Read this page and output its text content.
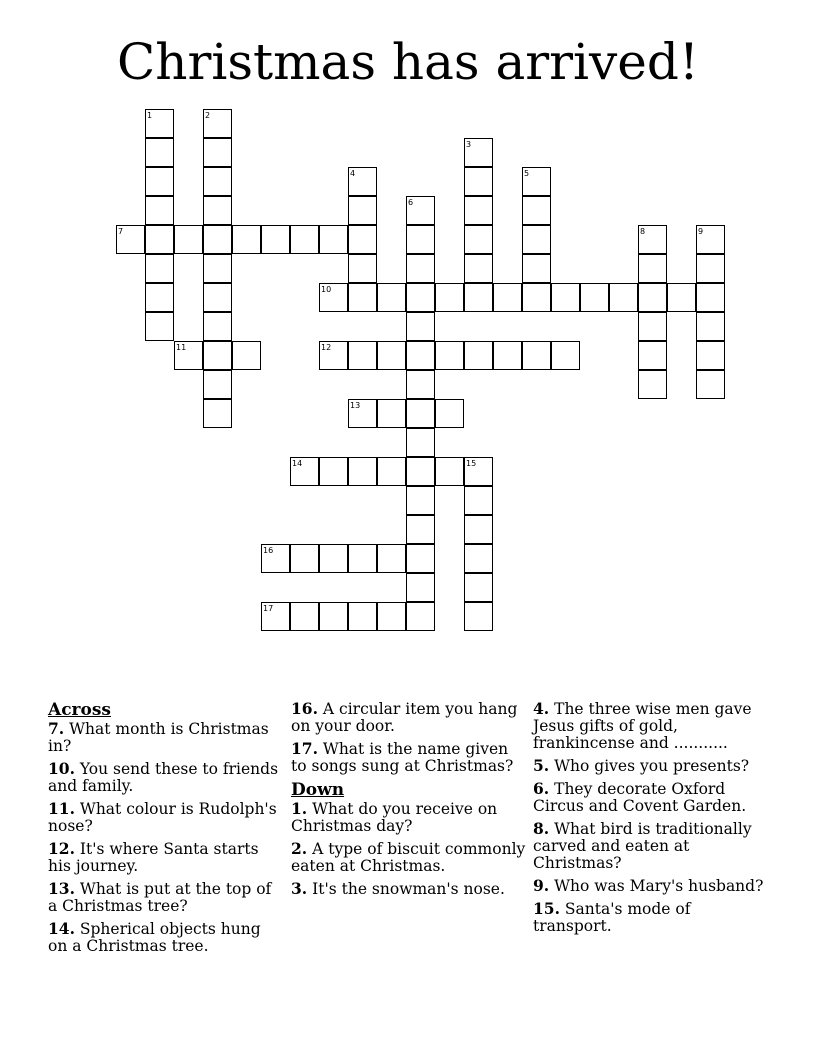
Christmas has arrived!
1	2
3
4	5
6
8	9
10
11	12
13
14	15
16
17
7
Across
7. What month is Christmas in?
10. You send these to friends and family.
11. What colour is Rudolph's nose?
12. It's where Santa starts his journey.
13. What is put at the top of a Christmas tree?
14. Spherical objects hung on a Christmas tree.
16. A circular item you hang on your door.
17. What is the name given to songs sung at Christmas?
Down
1. What do you receive on Christmas day?
2. A type of biscuit commonly eaten at Christmas.
3. It's the snowman's nose.
4. The three wise men gave Jesus gifts of gold, frankincense and ...........
5. Who gives you presents?
6. They decorate Oxford Circus and Covent Garden.
8. What bird is traditionally carved and eaten at Christmas?
9. Who was Mary's husband?
15. Santa's mode of transport.
